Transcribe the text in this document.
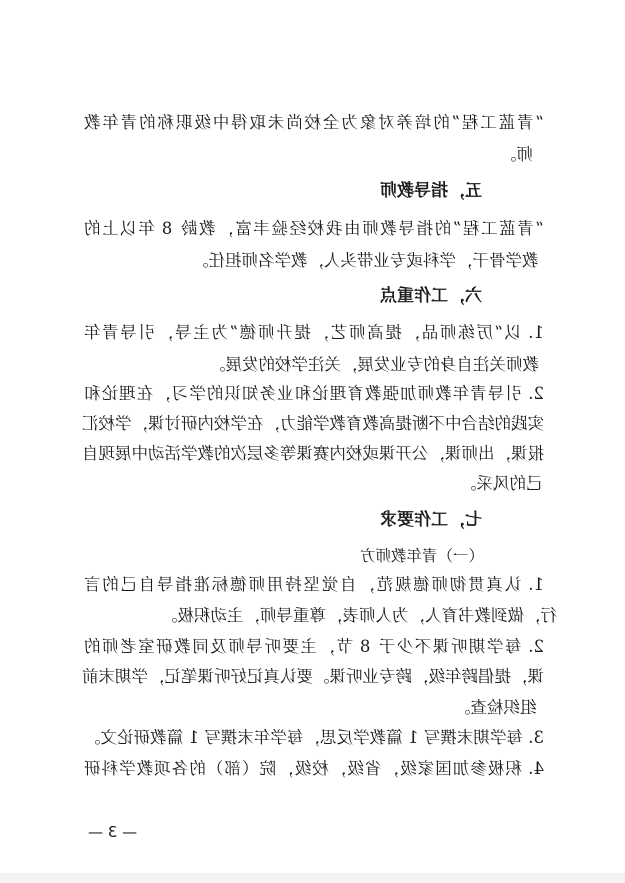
“青蓝工程”的培养对象为全校尚未取得中级职称的青年教
师。
五，指导教师
“青蓝工程”的指导教师由我校经验丰富，教龄 8 年以上的
教学骨干，学科或专业带头人，教学名师担任。
六，工作重点
1. 以“厉练师品，提高师艺，提升师德”为主导，引导青年
教师关注自身的专业发展，关注学校的发展。
2. 引导青年教师加强教育理论和业务知识的学习，在理论和
实践的结合中不断提高教育教学能力，在学校内研讨课，学校汇
报课，出师课，公开课或校内赛课等多层次的教学活动中展现自
己的风采。
七，工作要求
（一）青年教师方
1. 认真贯彻师德规范，自觉坚持用师德标准指导自己的言
行，做到教书育人，为人师表，尊重导师，主动积极。
2. 每学期听课不少于 8 节，主要听导师及同教研室老师的
课，提倡跨年级，跨专业听课。要认真记好听课笔记，学期末前
组织检查。
3. 每学期末撰写 1 篇教学反思，每学年末撰写 1 篇教研论文。
4. 积极参加国家级，省级，校级，院（部）的各项教学科研
— 3 —
